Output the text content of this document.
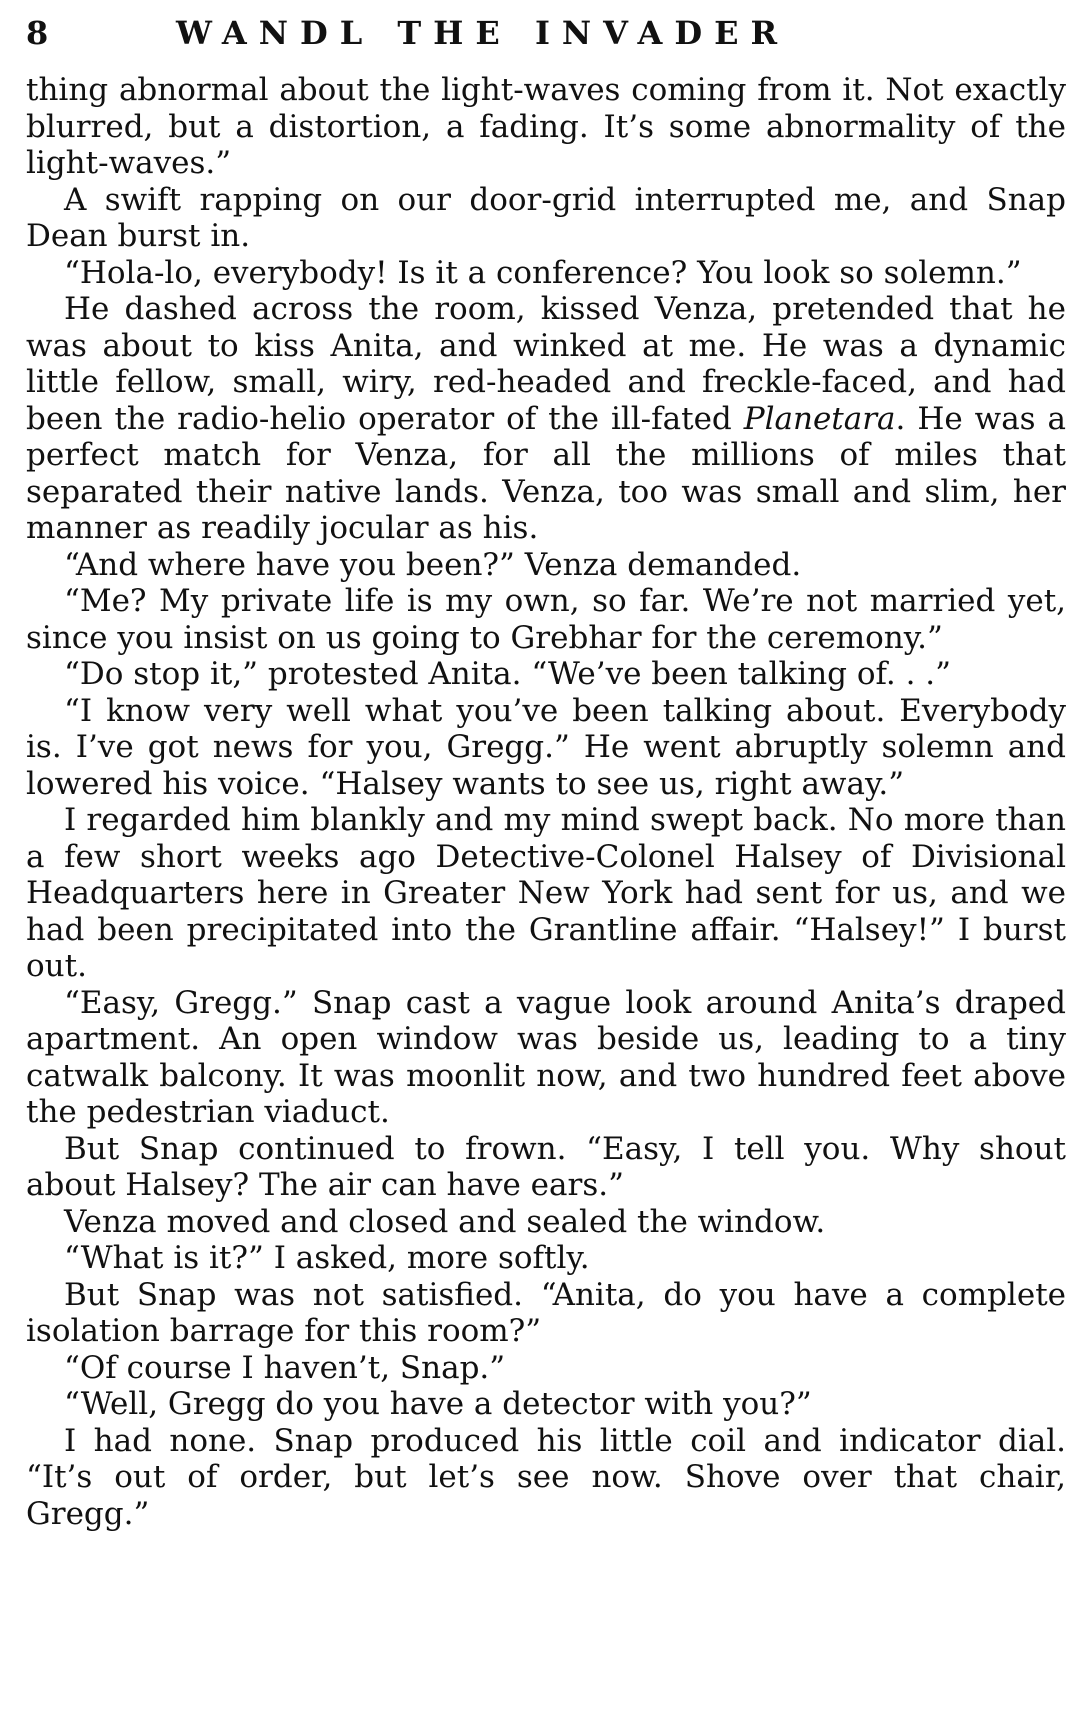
8	WANDL THE INVADER

thing abnormal about the light-waves coming from it. Not exactly blurred, but a distortion, a fading. It’s some abnormality of the light-waves.”

A swift rapping on our door-grid interrupted me, and Snap Dean burst in.

“Hola-lo, everybody! Is it a conference? You look so solemn.”

He dashed across the room, kissed Venza, pretended that he was about to kiss Anita, and winked at me. He was a dynamic little fellow, small, wiry, red-headed and freckle-faced, and had been the radio-helio operator of the ill-fated Planetara. He was a perfect match for Venza, for all the millions of miles that separated their native lands. Venza, too was small and slim, her manner as readily jocular as his.

“And where have you been?” Venza demanded.

“Me? My private life is my own, so far. We’re not married yet, since you insist on us going to Grebhar for the ceremony.”

“Do stop it,” protested Anita. “We’ve been talking of. . .”

“I know very well what you’ve been talking about. Everybody is. I’ve got news for you, Gregg.” He went abruptly solemn and lowered his voice. “Halsey wants to see us, right away.”

I regarded him blankly and my mind swept back. No more than a few short weeks ago Detective-Colonel Halsey of Divisional Headquarters here in Greater New York had sent for us, and we had been precipitated into the Grantline affair. “Halsey!” I burst out.

“Easy, Gregg.” Snap cast a vague look around Anita’s draped apartment. An open window was beside us, leading to a tiny catwalk balcony. It was moonlit now, and two hundred feet above the pedestrian viaduct.

But Snap continued to frown. “Easy, I tell you. Why shout about Halsey? The air can have ears.”

Venza moved and closed and sealed the window.

“What is it?” I asked, more softly.

But Snap was not satisfied. “Anita, do you have a complete isolation barrage for this room?”

“Of course I haven’t, Snap.”

“Well, Gregg do you have a detector with you?”

I had none. Snap produced his little coil and indicator dial. “It’s out of order, but let’s see now. Shove over that chair, Gregg.”
